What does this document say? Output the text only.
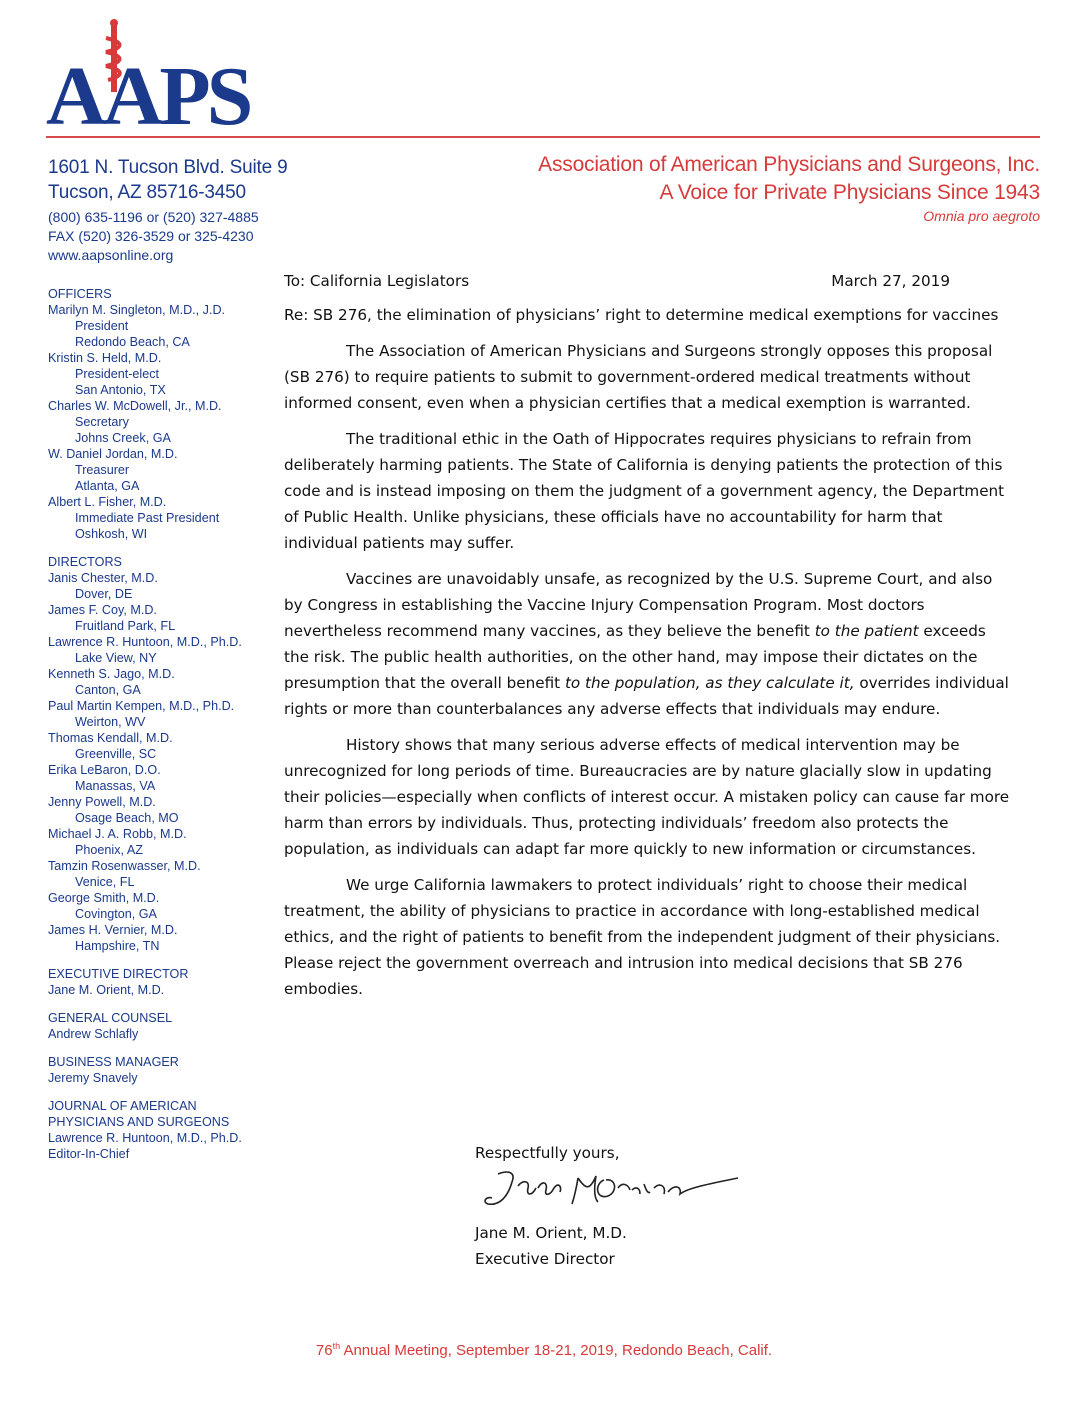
AAPS
1601 N. Tucson Blvd. Suite 9
Tucson, AZ 85716-3450
(800) 635-1196 or (520) 327-4885
FAX (520) 326-3529 or 325-4230
www.aapsonline.org
Association of American Physicians and Surgeons, Inc.
A Voice for Private Physicians Since 1943
Omnia pro aegroto
OFFICERS
Marilyn M. Singleton, M.D., J.D.
President
Redondo Beach, CA
Kristin S. Held, M.D.
President-elect
San Antonio, TX
Charles W. McDowell, Jr., M.D.
Secretary
Johns Creek, GA
W. Daniel Jordan, M.D.
Treasurer
Atlanta, GA
Albert L. Fisher, M.D.
Immediate Past President
Oshkosh, WI
DIRECTORS
Janis Chester, M.D.
Dover, DE
James F. Coy, M.D.
Fruitland Park, FL
Lawrence R. Huntoon, M.D., Ph.D.
Lake View, NY
Kenneth S. Jago, M.D.
Canton, GA
Paul Martin Kempen, M.D., Ph.D.
Weirton, WV
Thomas Kendall, M.D.
Greenville, SC
Erika LeBaron, D.O.
Manassas, VA
Jenny Powell, M.D.
Osage Beach, MO
Michael J. A. Robb, M.D.
Phoenix, AZ
Tamzin Rosenwasser, M.D.
Venice, FL
George Smith, M.D.
Covington, GA
James H. Vernier, M.D.
Hampshire, TN
EXECUTIVE DIRECTOR
Jane M. Orient, M.D.
GENERAL COUNSEL
Andrew Schlafly
BUSINESS MANAGER
Jeremy Snavely
JOURNAL OF AMERICAN
PHYSICIANS AND SURGEONS
Lawrence R. Huntoon, M.D., Ph.D.
Editor-In-Chief
To: California Legislators	March 27, 2019
Re: SB 276, the elimination of physicians’ right to determine medical exemptions for vaccines
The Association of American Physicians and Surgeons strongly opposes this proposal (SB 276) to require patients to submit to government-ordered medical treatments without informed consent, even when a physician certifies that a medical exemption is warranted.
The traditional ethic in the Oath of Hippocrates requires physicians to refrain from deliberately harming patients. The State of California is denying patients the protection of this code and is instead imposing on them the judgment of a government agency, the Department of Public Health. Unlike physicians, these officials have no accountability for harm that individual patients may suffer.
Vaccines are unavoidably unsafe, as recognized by the U.S. Supreme Court, and also by Congress in establishing the Vaccine Injury Compensation Program. Most doctors nevertheless recommend many vaccines, as they believe the benefit to the patient exceeds the risk. The public health authorities, on the other hand, may impose their dictates on the presumption that the overall benefit to the population, as they calculate it, overrides individual rights or more than counterbalances any adverse effects that individuals may endure.
History shows that many serious adverse effects of medical intervention may be unrecognized for long periods of time. Bureaucracies are by nature glacially slow in updating their policies—especially when conflicts of interest occur. A mistaken policy can cause far more harm than errors by individuals. Thus, protecting individuals’ freedom also protects the population, as individuals can adapt far more quickly to new information or circumstances.
We urge California lawmakers to protect individuals’ right to choose their medical treatment, the ability of physicians to practice in accordance with long-established medical ethics, and the right of patients to benefit from the independent judgment of their physicians. Please reject the government overreach and intrusion into medical decisions that SB 276 embodies.
Respectfully yours,
Jane M. Orient, M.D.
Executive Director
76th Annual Meeting, September 18-21, 2019, Redondo Beach, Calif.
